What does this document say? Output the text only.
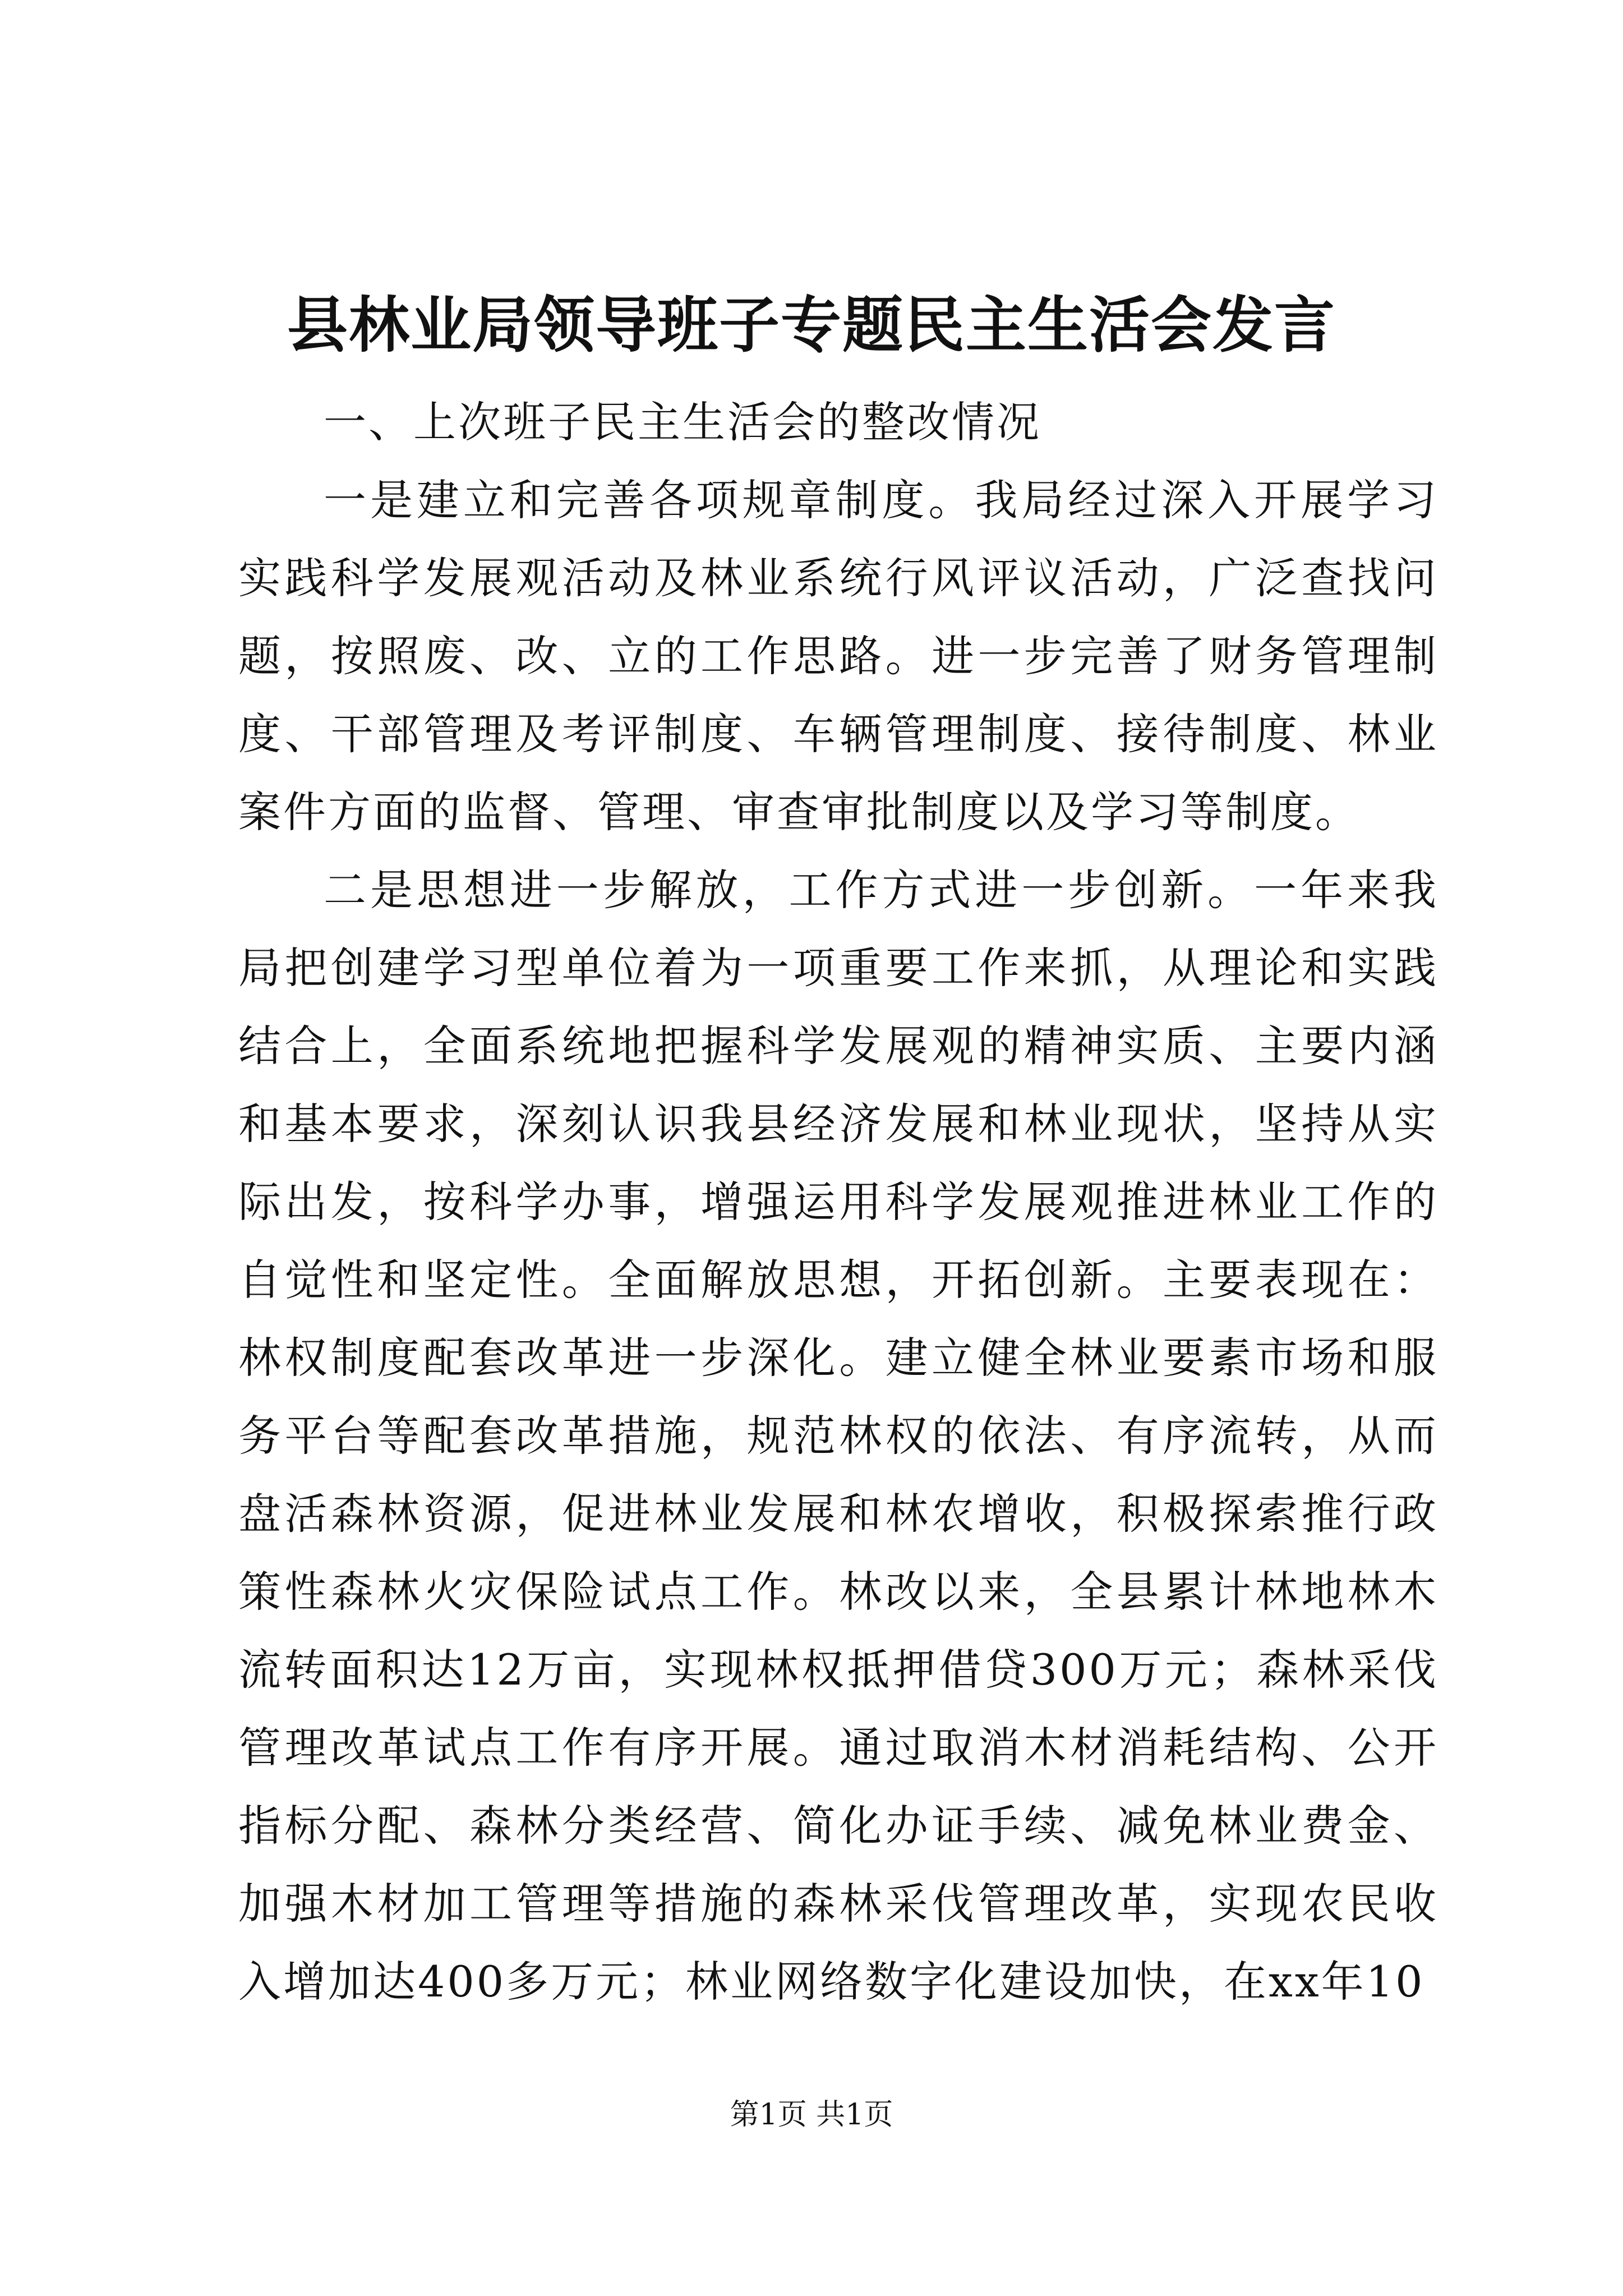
县林业局领导班子专题民主生活会发言

一、上次班子民主生活会的整改情况

一是建立和完善各项规章制度。我局经过深入开展学习实践科学发展观活动及林业系统行风评议活动，广泛查找问题，按照废、改、立的工作思路。进一步完善了财务管理制度、干部管理及考评制度、车辆管理制度、接待制度、林业案件方面的监督、管理、审查审批制度以及学习等制度。

二是思想进一步解放，工作方式进一步创新。一年来我局把创建学习型单位着为一项重要工作来抓，从理论和实践结合上，全面系统地把握科学发展观的精神实质、主要内涵和基本要求，深刻认识我县经济发展和林业现状，坚持从实际出发，按科学办事，增强运用科学发展观推进林业工作的自觉性和坚定性。全面解放思想，开拓创新。主要表现在：林权制度配套改革进一步深化。建立健全林业要素市场和服务平台等配套改革措施，规范林权的依法、有序流转，从而盘活森林资源，促进林业发展和林农增收，积极探索推行政策性森林火灾保险试点工作。林改以来，全县累计林地林木流转面积达12万亩，实现林权抵押借贷300万元；森林采伐管理改革试点工作有序开展。通过取消木材消耗结构、公开指标分配、森林分类经营、简化办证手续、减免林业费金、加强木材加工管理等措施的森林采伐管理改革，实现农民收入增加达400多万元；林业网络数字化建设加快，在xx年10

第1页 共1页
